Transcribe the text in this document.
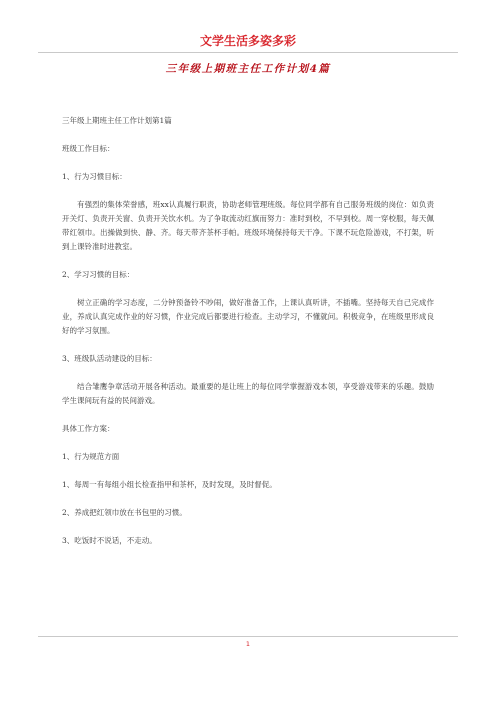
文学生活多姿多彩
三年级上期班主任工作计划4篇

三年级上期班主任工作计划第1篇

班级工作目标：

1、行为习惯目标：

有强烈的集体荣誉感，班xx认真履行职责，协助老师管理班级。每位同学都有自己服务班级的岗位：如负责开关灯、负责开关窗、负责开关饮水机。为了争取流动红旗而努力：准时到校，不早到校。周一穿校服，每天佩带红领巾。出操做到快、静、齐。每天带齐茶杯手帕。班级环境保持每天干净。下课不玩危险游戏，不打架，听到上课铃准时进教室。

2、学习习惯的目标：

树立正确的学习态度，二分钟预备铃不吵闹，做好准备工作，上课认真听讲，不插嘴。坚持每天自己完成作业，养成认真完成作业的好习惯，作业完成后都要进行检查。主动学习，不懂就问。积极竞争，在班级里形成良好的学习氛围。

3、班级队活动建设的目标：

结合雏鹰争章活动开展各种活动。最重要的是让班上的每位同学掌握游戏本领，享受游戏带来的乐趣。鼓励学生课间玩有益的民间游戏。

具体工作方案：

1、行为规范方面

1、每周一有每组小组长检查指甲和茶杯，及时发现，及时督促。

2、养成把红领巾放在书包里的习惯。

3、吃饭时不说话，不走动。

1
